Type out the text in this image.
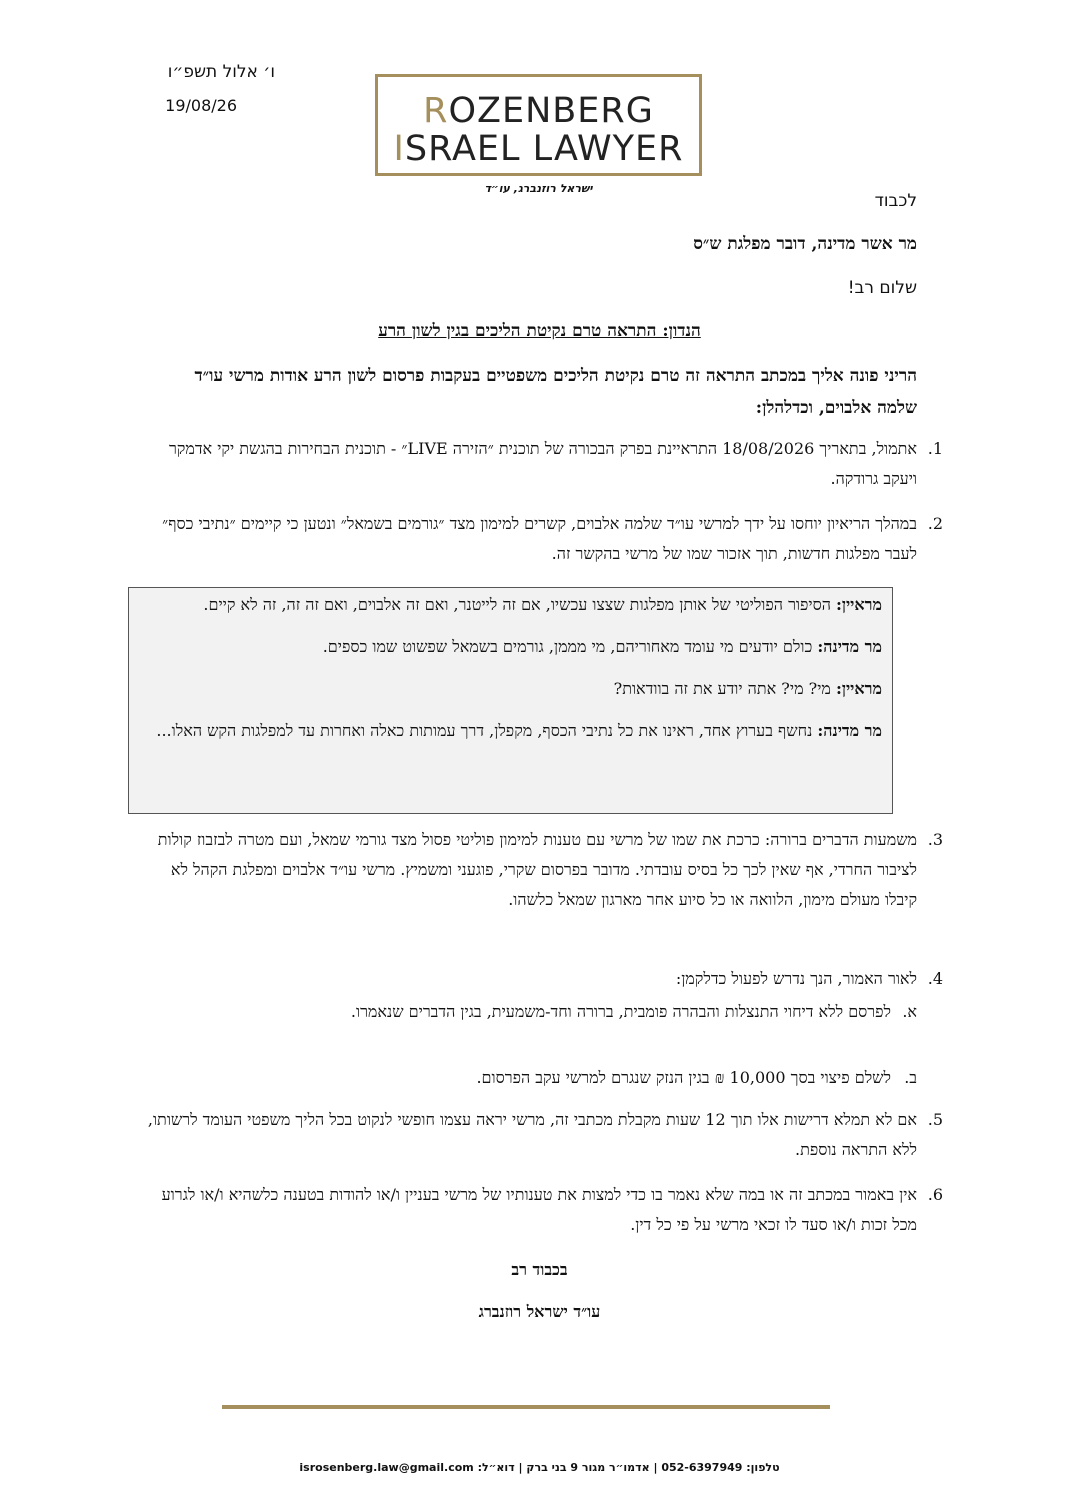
ו׳ אלול תשפ״ו
19/08/26	ROZENBERG
ISRAEL LAWYER
ישראל רוזנברג, עו״ד
לכבוד
מר אשר מדינה, דובר מפלגת ש״ס
שלום רב!
הנדון: התראה טרם נקיטת הליכים בגין לשון הרע
הריני פונה אליך במכתב התראה זה טרם נקיטת הליכים משפטיים בעקבות פרסום לשון הרע אודות מרשי עו״ד שלמה אלבוים, וכדלהלן:
1.
אתמול, בתאריך 18/08/2026 התראיינת בפרק הבכורה של תוכנית ״הזירה LIVE״ - תוכנית הבחירות בהגשת יקי אדמקר ויעקב גרודקה.
2.
במהלך הריאיון יוחסו על ידך למרשי עו״ד שלמה אלבוים, קשרים למימון מצד ״גורמים בשמאל״ ונטען כי קיימים ״נתיבי כסף״ לעבר מפלגות חדשות, תוך אזכור שמו של מרשי בהקשר זה.

מראיין: הסיפור הפוליטי של אותן מפלגות שצצו עכשיו, אם זה לייטנר, ואם זה אלבוים, ואם זה זה, זה לא קיים.

מר מדינה: כולם יודעים מי עומד מאחוריהם, מי מממן, גורמים בשמאל שפשוט שמו כספים.

מראיין: מי? מי? אתה יודע את זה בוודאות?

מר מדינה: נחשף בערוץ אחד, ראינו את כל נתיבי הכסף, מקפלן, דרך עמותות כאלה ואחרות עד למפלגות הקש האלו...

3.
משמעות הדברים ברורה: כרכת את שמו של מרשי עם טענות למימון פוליטי פסול מצד גורמי שמאל, ועם מטרה לבזבוז קולות לציבור החרדי, אף שאין לכך כל בסיס עובדתי. מדובר בפרסום שקרי, פוגעני ומשמיץ. מרשי עו״ד אלבוים ומפלגת הקהל לא קיבלו מעולם מימון, הלוואה או כל סיוע אחר מארגון שמאל כלשהו.
4.
לאור האמור, הנך נדרש לפעול כדלקמן:
א.
לפרסם ללא דיחוי התנצלות והבהרה פומבית, ברורה וחד-משמעית, בגין הדברים שנאמרו.
ב.
לשלם פיצוי בסך 10,000 ₪ בגין הנזק שנגרם למרשי עקב הפרסום.
5.
אם לא תמלא דרישות אלו תוך 12 שעות מקבלת מכתבי זה, מרשי יראה עצמו חופשי לנקוט בכל הליך משפטי העומד לרשותו, ללא התראה נוספת.
6.
אין באמור במכתב זה או במה שלא נאמר בו כדי למצות את טענותיו של מרשי בעניין ו/או להודות בטענה כלשהיא ו/או לגרוע מכל זכות ו/או סעד לו זכאי מרשי על פי כל דין.
בכבוד רב
עו״ד ישראל רוזנברג
טלפון: 052-6397949 | אדמו״ר מגור 9 בני ברק | דוא״ל: isrosenberg.law@gmail.com
